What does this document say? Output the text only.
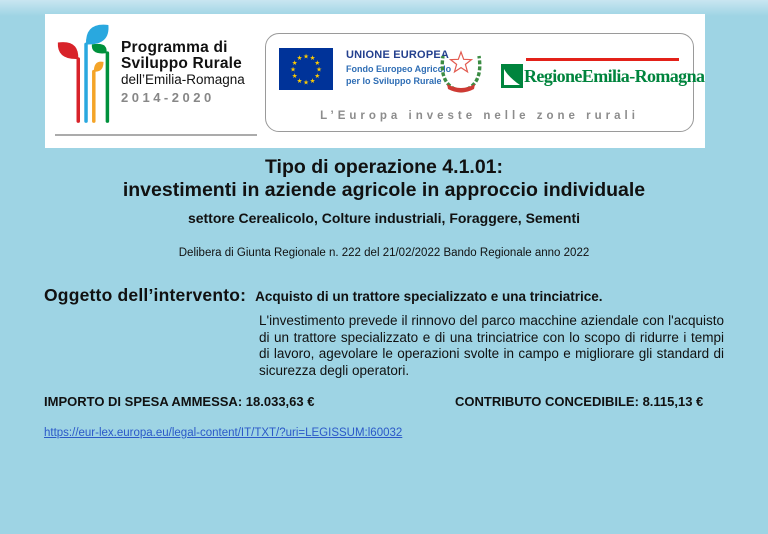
Programma di
Sviluppo Rurale
dell’Emilia-Romagna
2014-2020
★ ★
★
★
★
★
★
★
★
★
★
★	UNIONE EUROPEA
Fondo Europeo Agricolo
per lo Sviluppo Rurale	RegioneEmilia-Romagna
L’Europa investe nelle zone rurali
Tipo di operazione 4.1.01:
investimenti in aziende agricole in approccio individuale
settore Cerealicolo, Colture industriali, Foraggere, Sementi
Delibera di Giunta Regionale n. 222 del 21/02/2022 Bando Regionale anno 2022
Oggetto dell’intervento: Acquisto di un trattore specializzato e una trinciatrice.
L'investimento prevede il rinnovo del parco macchine aziendale con l'acquisto di un trattore specializzato e di una trinciatrice con lo scopo di ridurre i tempi di lavoro, agevolare le operazioni svolte in campo e migliorare gli standard di sicurezza degli operatori.
IMPORTO DI SPESA AMMESSA: 18.033,63 €	CONTRIBUTO CONCEDIBILE: 8.115,13 €
https://eur-lex.europa.eu/legal-content/IT/TXT/?uri=LEGISSUM:l60032
